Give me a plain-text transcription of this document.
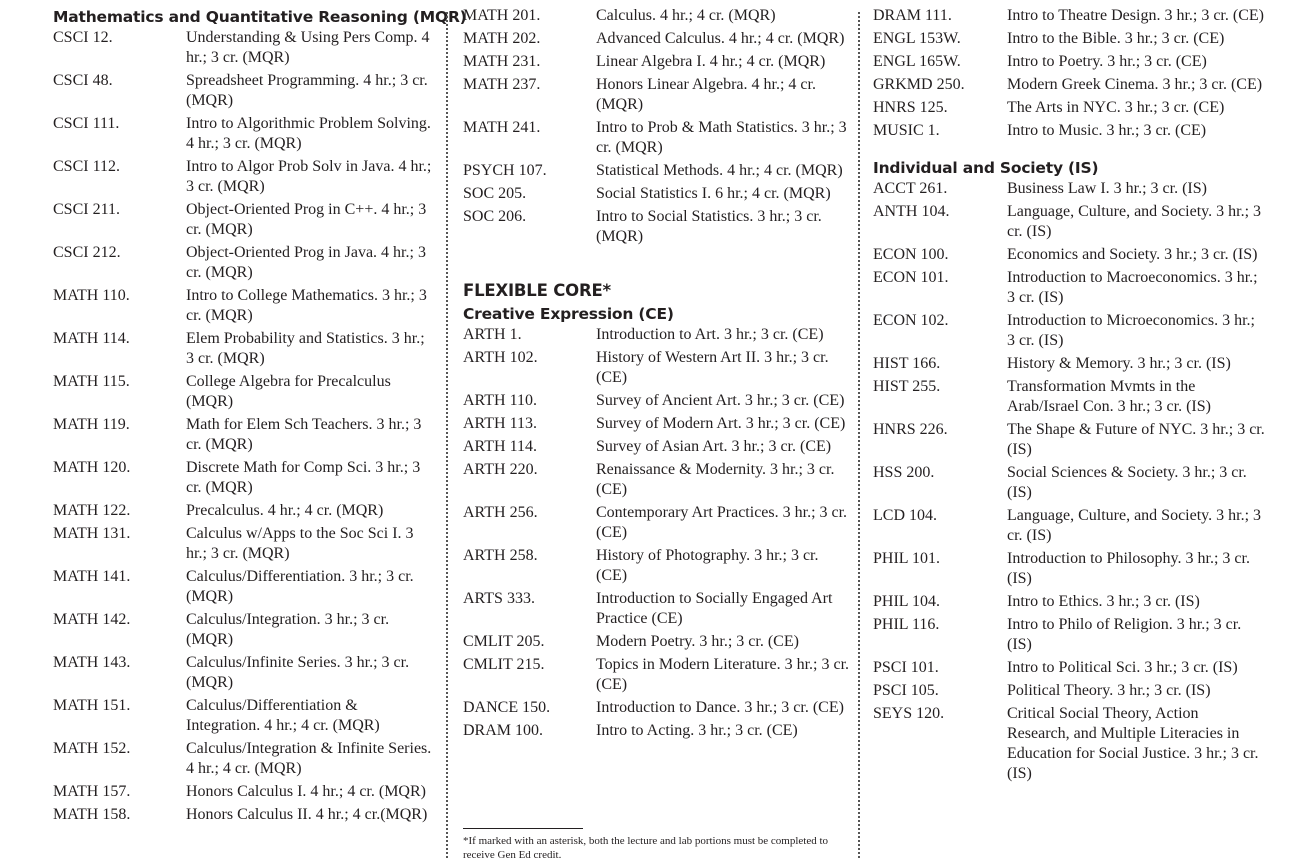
Mathematics and Quantitative Reasoning (MQR)
CSCI 12.	Understanding & Using Pers Comp. 4 hr.; 3 cr. (MQR)
CSCI 48.	Spreadsheet Programming. 4 hr.; 3 cr. (MQR)
CSCI 111.	Intro to Algorithmic Problem Solving. 4 hr.; 3 cr. (MQR)
CSCI 112.	Intro to Algor Prob Solv in Java. 4 hr.; 3 cr. (MQR)
CSCI 211.	Object-Oriented Prog in C++. 4 hr.; 3 cr. (MQR)
CSCI 212.	Object-Oriented Prog in Java. 4 hr.; 3 cr. (MQR)
MATH 110.	Intro to College Mathematics. 3 hr.; 3 cr. (MQR)
MATH 114.	Elem Probability and Statistics. 3 hr.; 3 cr. (MQR)
MATH 115.	College Algebra for Precalculus (MQR)
MATH 119.	Math for Elem Sch Teachers. 3 hr.; 3 cr. (MQR)
MATH 120.	Discrete Math for Comp Sci. 3 hr.; 3 cr. (MQR)
MATH 122.	Precalculus. 4 hr.; 4 cr. (MQR)
MATH 131.	Calculus w/Apps to the Soc Sci I. 3 hr.; 3 cr. (MQR)
MATH 141.	Calculus/Differentiation. 3 hr.; 3 cr. (MQR)
MATH 142.	Calculus/Integration. 3 hr.; 3 cr. (MQR)
MATH 143.	Calculus/Infinite Series. 3 hr.; 3 cr. (MQR)
MATH 151.	Calculus/Differentiation & Integration. 4 hr.; 4 cr. (MQR)
MATH 152.	Calculus/Integration & Infinite Series. 4 hr.; 4 cr. (MQR)
MATH 157.	Honors Calculus I. 4 hr.; 4 cr. (MQR)
MATH 158.	Honors Calculus II. 4 hr.; 4 cr.(MQR)
MATH 201.	Calculus. 4 hr.; 4 cr. (MQR)
MATH 202.	Advanced Calculus. 4 hr.; 4 cr. (MQR)
MATH 231.	Linear Algebra I. 4 hr.; 4 cr. (MQR)
MATH 237.	Honors Linear Algebra. 4 hr.; 4 cr. (MQR)
MATH 241.	Intro to Prob & Math Statistics. 3 hr.; 3 cr. (MQR)
PSYCH 107.	Statistical Methods. 4 hr.; 4 cr. (MQR)
SOC 205.	Social Statistics I. 6 hr.; 4 cr. (MQR)
SOC 206.	Intro to Social Statistics. 3 hr.; 3 cr. (MQR)
FLEXIBLE CORE*
Creative Expression (CE)
ARTH 1.	Introduction to Art. 3 hr.; 3 cr. (CE)
ARTH 102.	History of Western Art II. 3 hr.; 3 cr. (CE)
ARTH 110.	Survey of Ancient Art. 3 hr.; 3 cr. (CE)
ARTH 113.	Survey of Modern Art. 3 hr.; 3 cr. (CE)
ARTH 114.	Survey of Asian Art. 3 hr.; 3 cr. (CE)
ARTH 220.	Renaissance & Modernity. 3 hr.; 3 cr. (CE)
ARTH 256.	Contemporary Art Practices. 3 hr.; 3 cr. (CE)
ARTH 258.	History of Photography. 3 hr.; 3 cr. (CE)
ARTS 333.	Introduction to Socially Engaged Art Practice (CE)
CMLIT 205.	Modern Poetry. 3 hr.; 3 cr. (CE)
CMLIT 215.	Topics in Modern Literature. 3 hr.; 3 cr. (CE)
DANCE 150.	Introduction to Dance. 3 hr.; 3 cr. (CE)
DRAM 100.	Intro to Acting. 3 hr.; 3 cr. (CE)
DRAM 111.	Intro to Theatre Design. 3 hr.; 3 cr. (CE)
ENGL 153W.	Intro to the Bible. 3 hr.; 3 cr. (CE)
ENGL 165W.	Intro to Poetry. 3 hr.; 3 cr. (CE)
GRKMD 250.	Modern Greek Cinema. 3 hr.; 3 cr. (CE)
HNRS 125.	The Arts in NYC. 3 hr.; 3 cr. (CE)
MUSIC 1.	Intro to Music. 3 hr.; 3 cr. (CE)
Individual and Society (IS)
ACCT 261.	Business Law I. 3 hr.; 3 cr. (IS)
ANTH 104.	Language, Culture, and Society. 3 hr.; 3 cr. (IS)
ECON 100.	Economics and Society. 3 hr.; 3 cr. (IS)
ECON 101.	Introduction to Macroeconomics. 3 hr.; 3 cr. (IS)
ECON 102.	Introduction to Microeconomics. 3 hr.; 3 cr. (IS)
HIST 166.	History & Memory. 3 hr.; 3 cr. (IS)
HIST 255.	Transformation Mvmts in the Arab/Israel Con. 3 hr.; 3 cr. (IS)
HNRS 226.	The Shape & Future of NYC. 3 hr.; 3 cr. (IS)
HSS 200.	Social Sciences & Society. 3 hr.; 3 cr. (IS)
LCD 104.	Language, Culture, and Society. 3 hr.; 3 cr. (IS)
PHIL 101.	Introduction to Philosophy. 3 hr.; 3 cr. (IS)
PHIL 104.	Intro to Ethics. 3 hr.; 3 cr. (IS)
PHIL 116.	Intro to Philo of Religion. 3 hr.; 3 cr. (IS)
PSCI 101.	Intro to Political Sci. 3 hr.; 3 cr. (IS)
PSCI 105.	Political Theory. 3 hr.; 3 cr. (IS)
SEYS 120.	Critical Social Theory, Action Research, and Multiple Literacies in Education for Social Justice. 3 hr.; 3 cr. (IS)
*If marked with an asterisk, both the lecture and lab portions must be completed to receive Gen Ed credit.
